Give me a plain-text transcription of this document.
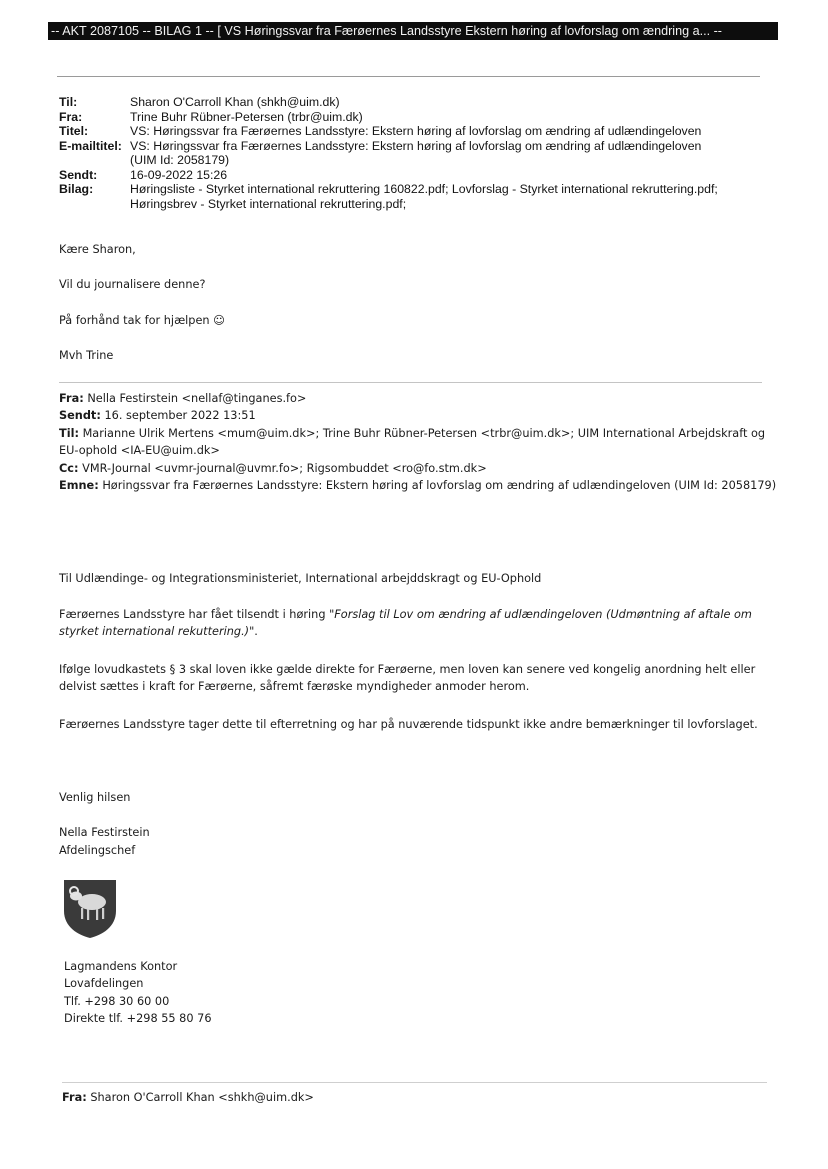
-- AKT 2087105 -- BILAG 1 -- [ VS Høringssvar fra Færøernes Landsstyre Ekstern høring af lovforslag om ændring a... --
Til:	Sharon O'Carroll Khan (shkh@uim.dk)
Fra:	Trine Buhr Rübner-Petersen (trbr@uim.dk)
Titel:	VS: Høringssvar fra Færøernes Landsstyre: Ekstern høring af lovforslag om ændring af udlændingeloven
E-mailtitel: VS: Høringssvar fra Færøernes Landsstyre: Ekstern høring af lovforslag om ændring af udlændingeloven
(UIM Id: 2058179)
Sendt:	16-09-2022 15:26
Bilag:	Høringsliste - Styrket international rekruttering 160822.pdf; Lovforslag - Styrket international rekruttering.pdf; Høringsbrev - Styrket international rekruttering.pdf;

Kære Sharon,

Vil du journalisere denne?

På forhånd tak for hjælpen ☺

Mvh Trine

Fra: Nella Festirstein <nellaf@tinganes.fo>
Sendt: 16. september 2022 13:51
Til: Marianne Ulrik Mertens <mum@uim.dk>; Trine Buhr Rübner-Petersen <trbr@uim.dk>; UIM International Arbejdskraft og EU-ophold <IA-EU@uim.dk>
Cc: VMR-Journal <uvmr-journal@uvmr.fo>; Rigsombuddet <ro@fo.stm.dk>
Emne: Høringssvar fra Færøernes Landsstyre: Ekstern høring af lovforslag om ændring af udlændingeloven (UIM Id: 2058179)

Til Udlændinge- og Integrationsministeriet, International arbejddskragt og EU-Ophold

Færøernes Landsstyre har fået tilsendt i høring "Forslag til Lov om ændring af udlændingeloven (Udmøntning af aftale om styrket international rekuttering.)".

Ifølge lovudkastets § 3 skal loven ikke gælde direkte for Færøerne, men loven kan senere ved kongelig anordning helt eller delvist sættes i kraft for Færøerne, såfremt færøske myndigheder anmoder herom.

Færøernes Landsstyre tager dette til efterretning og har på nuværende tidspunkt ikke andre bemærkninger til lovforslaget.

Venlig hilsen

Nella Festirstein

Afdelingschef

Lagmandens Kontor
Lovafdelingen
Tlf. +298 30 60 00
Direkte tlf. +298 55 80 76
Fra: Sharon O'Carroll Khan <shkh@uim.dk>
